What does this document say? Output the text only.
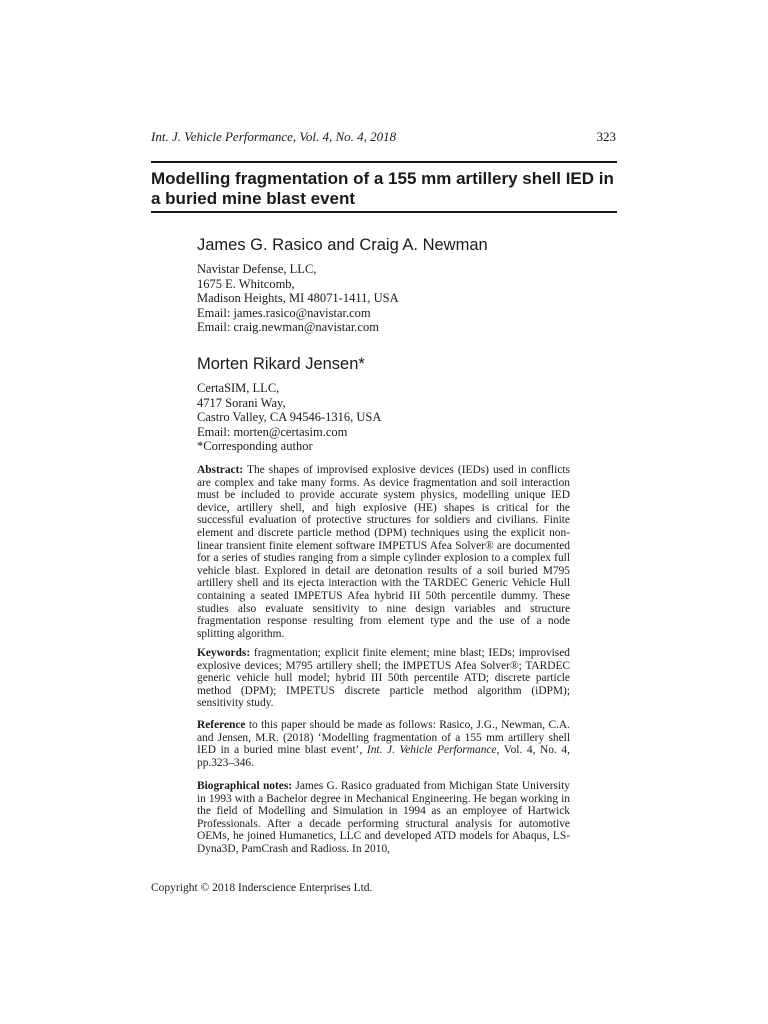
Int. J. Vehicle Performance, Vol. 4, No. 4, 2018	323
Modelling fragmentation of a 155 mm artillery shell IED in a buried mine blast event
James G. Rasico and Craig A. Newman
Navistar Defense, LLC,
1675 E. Whitcomb,
Madison Heights, MI 48071-1411, USA
Email: james.rasico@navistar.com
Email: craig.newman@navistar.com
Morten Rikard Jensen*
CertaSIM, LLC,
4717 Sorani Way,
Castro Valley, CA 94546-1316, USA
Email: morten@certasim.com
*Corresponding author
Abstract: The shapes of improvised explosive devices (IEDs) used in conflicts are complex and take many forms. As device fragmentation and soil interaction must be included to provide accurate system physics, modelling unique IED device, artillery shell, and high explosive (HE) shapes is critical for the successful evaluation of protective structures for soldiers and civilians. Finite element and discrete particle method (DPM) techniques using the explicit non-linear transient finite element software IMPETUS Afea Solver® are documented for a series of studies ranging from a simple cylinder explosion to a complex full vehicle blast. Explored in detail are detonation results of a soil buried M795 artillery shell and its ejecta interaction with the TARDEC Generic Vehicle Hull containing a seated IMPETUS Afea hybrid III 50th percentile dummy. These studies also evaluate sensitivity to nine design variables and structure fragmentation response resulting from element type and the use of a node splitting algorithm.
Keywords: fragmentation; explicit finite element; mine blast; IEDs; improvised explosive devices; M795 artillery shell; the IMPETUS Afea Solver®; TARDEC generic vehicle hull model; hybrid III 50th percentile ATD; discrete particle method (DPM); IMPETUS discrete particle method algorithm (iDPM); sensitivity study.
Reference to this paper should be made as follows: Rasico, J.G., Newman, C.A. and Jensen, M.R. (2018) ‘Modelling fragmentation of a 155 mm artillery shell IED in a buried mine blast event’, Int. J. Vehicle Performance, Vol. 4, No. 4, pp.323–346.
Biographical notes: James G. Rasico graduated from Michigan State University in 1993 with a Bachelor degree in Mechanical Engineering. He began working in the field of Modelling and Simulation in 1994 as an employee of Hartwick Professionals. After a decade performing structural analysis for automotive OEMs, he joined Humanetics, LLC and developed ATD models for Abaqus, LS-Dyna3D, PamCrash and Radioss. In 2010,
Copyright © 2018 Inderscience Enterprises Ltd.
